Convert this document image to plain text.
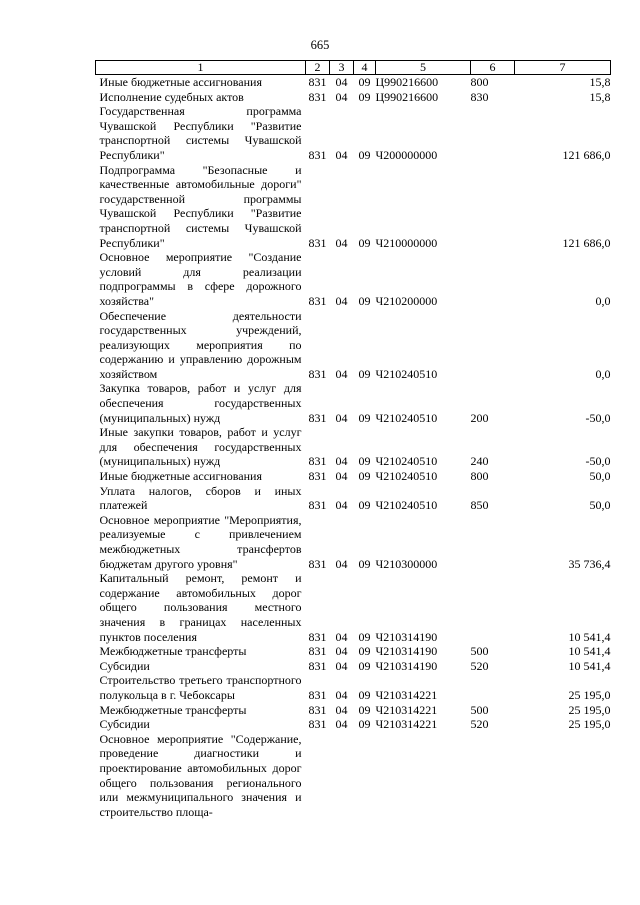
665
1	2	3	4	5	6	7
Иные бюджетные ассигнования	831	04	09	Ц990216600	800	15,8
Исполнение судебных актов	831	04	09	Ц990216600	830	15,8
Государственная программа Чувашской Республики "Развитие транспортной системы Чувашской Республики"	831	04	09	Ч200000000		121 686,0
Подпрограмма "Безопасные и качественные автомобильные дороги" государственной программы Чувашской Республики "Развитие транспортной системы Чувашской Республики"	831	04	09	Ч210000000		121 686,0
Основное мероприятие "Создание условий для реализации подпрограммы в сфере дорожного хозяйства"	831	04	09	Ч210200000		0,0
Обеспечение деятельности государственных учреждений, реализующих мероприятия по содержанию и управлению дорожным хозяйством	831	04	09	Ч210240510		0,0
Закупка товаров, работ и услуг для обеспечения государственных (муниципальных) нужд	831	04	09	Ч210240510	200	-50,0
Иные закупки товаров, работ и услуг для обеспечения государственных (муниципальных) нужд	831	04	09	Ч210240510	240	-50,0
Иные бюджетные ассигнования	831	04	09	Ч210240510	800	50,0
Уплата налогов, сборов и иных платежей	831	04	09	Ч210240510	850	50,0
Основное мероприятие "Мероприятия, реализуемые с привлечением межбюджетных трансфертов бюджетам другого уровня"	831	04	09	Ч210300000		35 736,4
Капитальный ремонт, ремонт и содержание автомобильных дорог общего пользования местного значения в границах населенных пунктов поселения	831	04	09	Ч210314190		10 541,4
Межбюджетные трансферты	831	04	09	Ч210314190	500	10 541,4
Субсидии	831	04	09	Ч210314190	520	10 541,4
Строительство третьего транспортного полукольца в г. Чебоксары	831	04	09	Ч210314221		25 195,0
Межбюджетные трансферты	831	04	09	Ч210314221	500	25 195,0
Субсидии	831	04	09	Ч210314221	520	25 195,0
Основное мероприятие "Содержание, проведение диагностики и проектирование автомобильных дорог общего пользования регионального или межмуниципального значения и строительство площа-						
